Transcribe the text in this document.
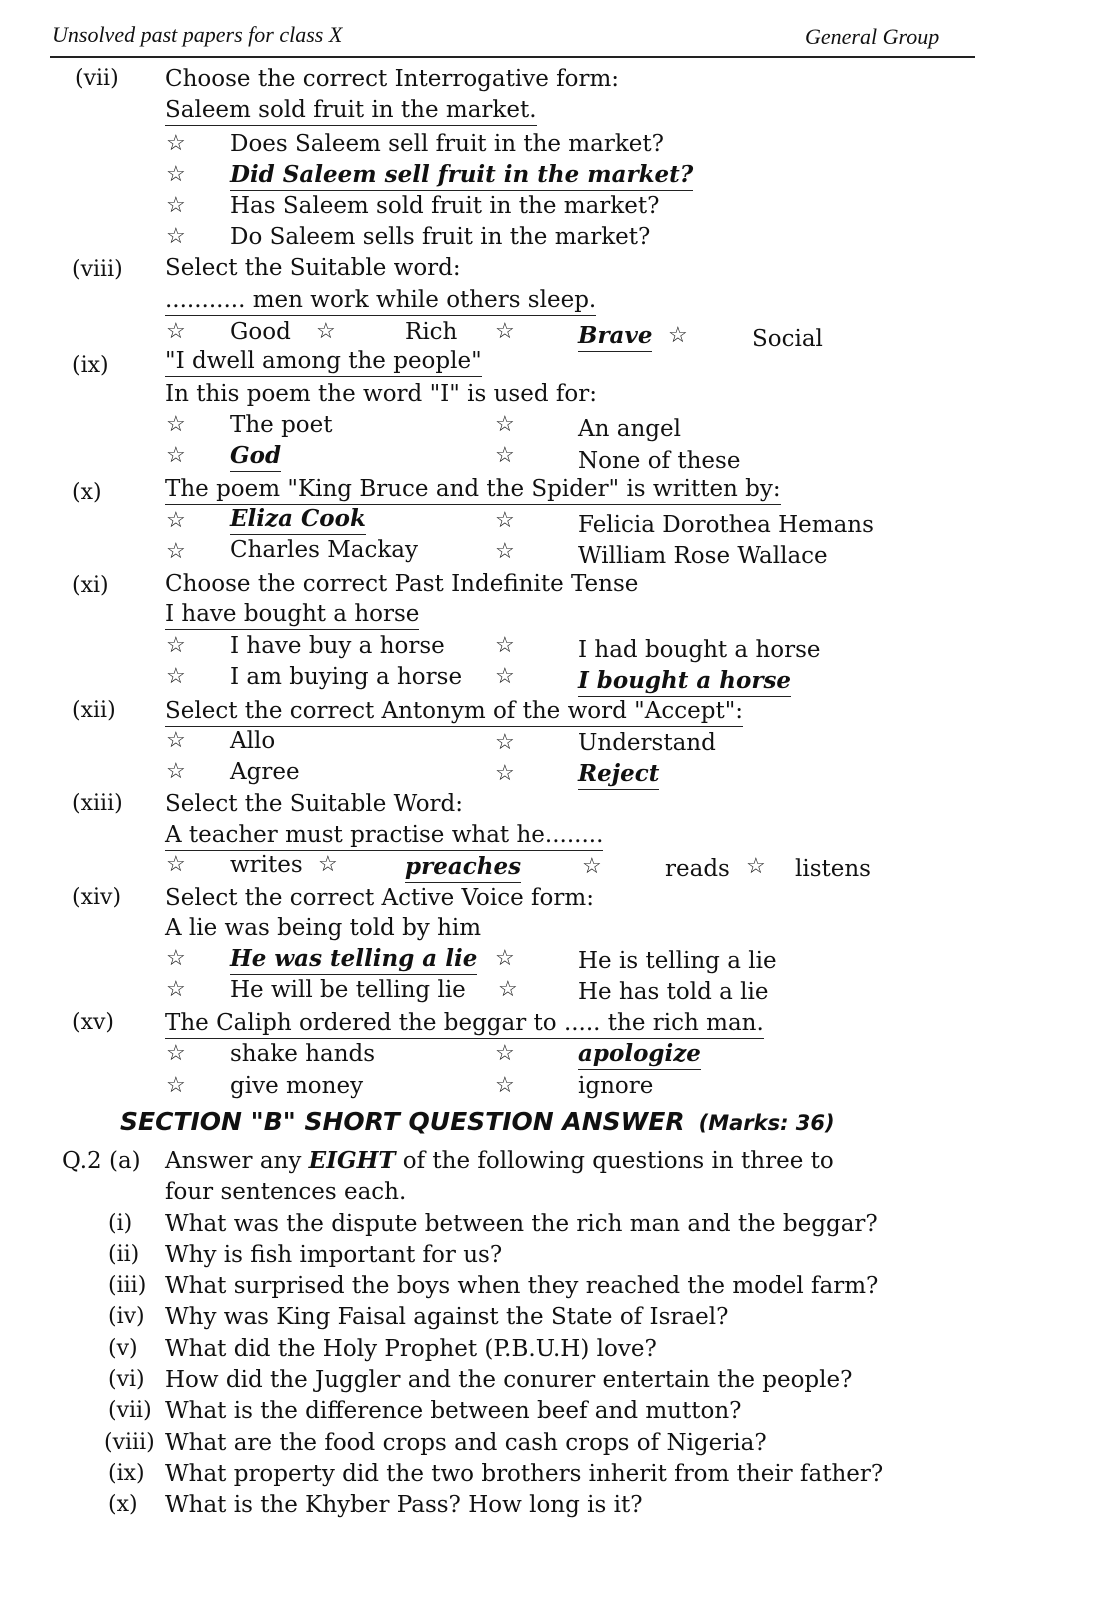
Unsolved past papers for class X	General Group
(vii) Choose the correct Interrogative form:
Saleem sold fruit in the market.
☆ Does Saleem sell fruit in the market?
☆ Did Saleem sell fruit in the market?
☆ Has Saleem sold fruit in the market?
☆ Do Saleem sells fruit in the market?
(viii) Select the Suitable word:
........... men work while others sleep.
☆ Good ☆	Rich ☆	Brave ☆	Social
(ix) "I dwell among the people"
In this poem the word "I" is used for:
☆ The poet	☆	An angel
☆ God	☆	None of these
(x)	The poem "King Bruce and the Spider" is written by:
☆ Eliza Cook	☆	Felicia Dorothea Hemans
☆ Charles Mackay	☆	William Rose Wallace
(xi) Choose the correct Past Indefinite Tense
I have bought a horse
☆ I have buy a horse ☆	I had bought a horse
☆ I am buying a horse ☆	I bought a horse
(xii) Select the correct Antonym of the word "Accept":
☆ Allo	☆	Understand
☆ Agree	☆	Reject
(xiii) Select the Suitable Word:
A teacher must practise what he........
☆ writes ☆	preaches	☆	reads ☆ listens
(xiv) Select the correct Active Voice form:
A lie was being told by him
☆ He was telling a lie ☆	He is telling a lie
☆ He will be telling lie ☆	He has told a lie
(xv) The Caliph ordered the beggar to ..... the rich man.
☆ shake hands	☆	apologize
☆ give money	☆	ignore
SECTION "B" SHORT QUESTION ANSWER (Marks: 36)
Q.2 (a) Answer any EIGHT of the following questions in three to
four sentences each.
(i) What was the dispute between the rich man and the beggar?
(ii) Why is fish important for us?
(iii) What surprised the boys when they reached the model farm?
(iv) Why was King Faisal against the State of Israel?
(v) What did the Holy Prophet (P.B.U.H) love?
(vi) How did the Juggler and the conurer entertain the people?
(vii) What is the difference between beef and mutton?
(viii) What are the food crops and cash crops of Nigeria?
(ix) What property did the two brothers inherit from their father?
(x) What is the Khyber Pass? How long is it?
